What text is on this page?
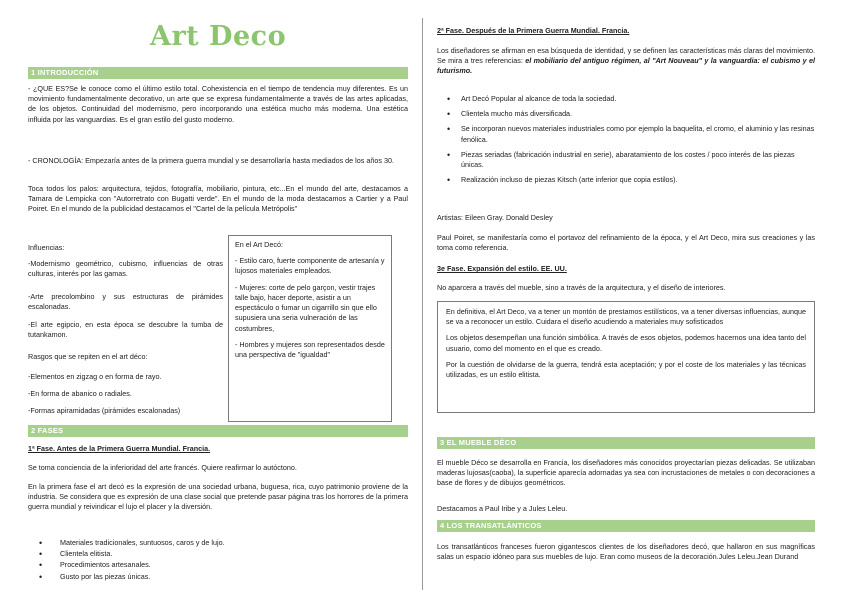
Art Deco
1 INTRODUCCIÓN
- ¿QUE ES?Se le conoce como el último estilo total. Cohexistencia en el tiempo de tendencia muy diferentes. Es un movimiento fundamentalmente decorativo, un arte que se expresa fundamentalmente a través de las artes aplicadas, de los objetos. Continuidad del modernismo, pero incorporando una estética mucho más moderna. Una estética influida por las vanguardias. Es el gran estilo del gusto moderno.
- CRONOLOGÍA: Empezaría antes de la primera guerra mundial y se desarrollaría hasta mediados de los años 30.
Toca todos los palos: arquitectura, tejidos, fotografía, mobiliario, pintura, etc...En el mundo del arte, destacamos a Tamara de Lempicka con "Autorretrato con Bugatti verde". En el mundo de la moda destacamos a Cartier y a Paul Poiret. En el mundo de la publicidad destacamos el "Cartel de la película Metrópolis"
Influencias:
-Modernismo geométrico, cubismo, influencias de otras culturas, interés por las gamas.
-Arte precolombino y sus estructuras de pirámides escalonadas.
-El arte egipcio, en esta época se descubre la tumba de tutankamon.
Rasgos que se repiten en el art déco:
-Elementos en zigzag o en forma de rayo.
-En forma de abanico o radiales.
-Formas apiramidadas (pirámides escalonadas)
En el Art Decó:
- Estilo caro, fuerte componente de artesanía y lujosos materiales empleados.
- Mujeres: corte de pelo garçon, vestir trajes talle bajo, hacer deporte, asistir a un espectáculo o fumar un cigarrillo sin que ello supusiera una seria vulneración de las costumbres,
- Hombres y mujeres son representados desde una perspectiva de "igualdad"
2 FASES
1ª Fase. Antes de la Primera Guerra Mundial. Francia.
Se toma conciencia de la inferioridad del arte francés. Quiere reafirmar lo autóctono.
En la primera fase el art decó es la expresión de una sociedad urbana, buguesa, rica, cuyo patrimonio proviene de la industria. Se considera que es expresión de una clase social que pretende pasar página tras los horrores de la primera guerra mundial y reivindicar el lujo el placer y la diversión.
• Materiales tradicionales, suntuosos, caros y de lujo.
• Clientela elitista.
• Procedimientos artesanales.
• Gusto por las piezas únicas.
2ª Fase. Después de la Primera Guerra Mundial. Francia.
Los diseñadores se afirman en esa búsqueda de identidad, y se definen las características más claras del movimiento. Se mira a tres referencias: el mobiliario del antiguo régimen, al "Art Nouveau" y la vanguardia: el cubismo y el futurismo.
• Art Decó Popular al alcance de toda la sociedad.
• Clientela mucho más diversificada.
• Se incorporan nuevos materiales industriales como por ejemplo la baquelita, el cromo, el aluminio y las resinas fenólica.
• Piezas seriadas (fabricación industrial en serie), abaratamiento de los costes / poco interés de las piezas únicas.
• Realización incluso de piezas Kitsch (arte inferior que copia estilos).
Artistas: Eileen Gray. Donald Desley
Paul Poiret, se manifestaría como el portavoz del refinamiento de la época, y el Art Deco, mira sus creaciones y las toma como referencia.
3e Fase. Expansión del estilo. EE. UU.
No aparcera a través del mueble, sino a través de la arquitectura, y el diseño de interiores.
En definitiva, el Art Deco, va a tener un montón de prestamos estilísticos, va a tener diversas influencias, aunque se va a reconocer un estilo. Cuidara el diseño acudiendo a materiales muy sofisticados
Los objetos desempeñan una función simbólica. A través de esos objetos, podemos hacernos una idea tanto del usuario, como del momento en el que es creado.
Por la cuestión de olvidarse de la guerra, tendrá esta aceptación; y por el coste de los materiales y las técnicas utilizadas, es un estilo elitista.
3 EL MUEBLE DÉCO
El mueble Déco se desarrolla en Francia, los diseñadores más conocidos proyectarían piezas delicadas. Se utilizaban maderas lujosas(caoba), la superficie aparecía adornadas ya sea con incrustaciones de metales o con decoraciones a base de flores y de dibujos geométricos.
Destacamos a Paul Iribe y a Jules Leleu.
4 LOS TRANSATLÁNTICOS
Los transatlánticos franceses fueron gigantescos clientes de los diseñadores decó, que hallaron en sus magníficas salas un espacio idóneo para sus muebles de lujo. Eran como museos de la decoración.Jules Leleu.Jean Durand
